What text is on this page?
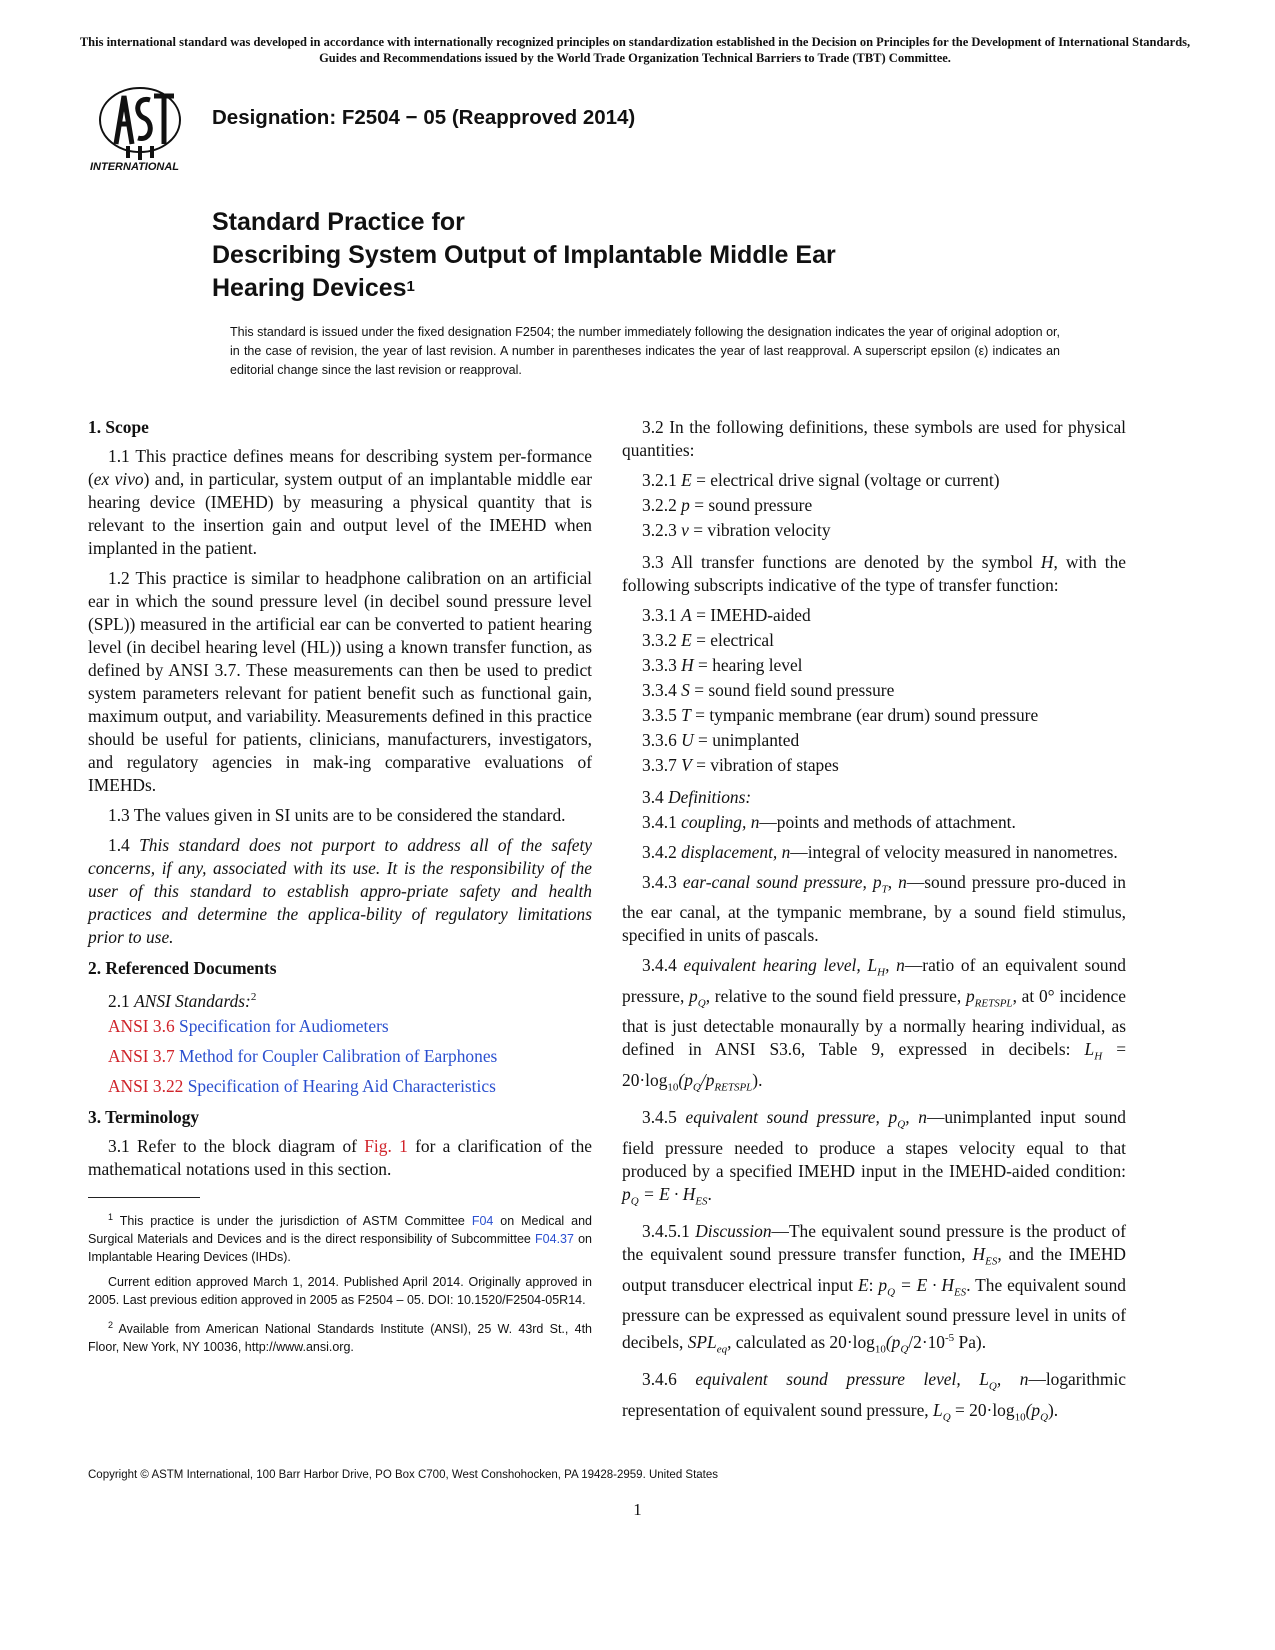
This international standard was developed in accordance with internationally recognized principles on standardization established in the Decision on Principles for the Development of International Standards, Guides and Recommendations issued by the World Trade Organization Technical Barriers to Trade (TBT) Committee.
INTERNATIONAL
Designation: F2504 − 05 (Reapproved 2014)
Standard Practice for
Describing System Output of Implantable Middle Ear
Hearing Devices$^1$
This standard is issued under the fixed designation F2504; the number immediately following the designation indicates the year of original adoption or, in the case of revision, the year of last revision. A number in parentheses indicates the year of last reapproval. A superscript epsilon (ε) indicates an editorial change since the last revision or reapproval.
1. Scope

1.1 This practice defines means for describing system per-formance (ex vivo) and, in particular, system output of an implantable middle ear hearing device (IMEHD) by measuring a physical quantity that is relevant to the insertion gain and output level of the IMEHD when implanted in the patient.

1.2 This practice is similar to headphone calibration on an artificial ear in which the sound pressure level (in decibel sound pressure level (SPL)) measured in the artificial ear can be converted to patient hearing level (in decibel hearing level (HL)) using a known transfer function, as defined by ANSI 3.7. These measurements can then be used to predict system parameters relevant for patient benefit such as functional gain, maximum output, and variability. Measurements defined in this practice should be useful for patients, clinicians, manufacturers, investigators, and regulatory agencies in mak-ing comparative evaluations of IMEHDs.

1.3 The values given in SI units are to be considered the standard.

1.4 This standard does not purport to address all of the safety concerns, if any, associated with its use. It is the responsibility of the user of this standard to establish appro-priate safety and health practices and determine the applica-bility of regulatory limitations prior to use.

2. Referenced Documents

2.1 ANSI Standards:$^2$

ANSI 3.6 Specification for Audiometers

ANSI 3.7 Method for Coupler Calibration of Earphones

ANSI 3.22 Specification of Hearing Aid Characteristics

3. Terminology

3.1 Refer to the block diagram of Fig. 1 for a clarification of the mathematical notations used in this section.

$^1$ This practice is under the jurisdiction of ASTM Committee F04 on Medical and Surgical Materials and Devices and is the direct responsibility of Subcommittee F04.37 on Implantable Hearing Devices (IHDs).

Current edition approved March 1, 2014. Published April 2014. Originally approved in 2005. Last previous edition approved in 2005 as F2504 – 05. DOI: 10.1520/F2504-05R14.

$^2$ Available from American National Standards Institute (ANSI), 25 W. 43rd St., 4th Floor, New York, NY 10036, http://www.ansi.org.

3.2 In the following definitions, these symbols are used for physical quantities:

3.2.1 E = electrical drive signal (voltage or current)

3.2.2 p = sound pressure

3.2.3 v = vibration velocity

3.3 All transfer functions are denoted by the symbol H, with the following subscripts indicative of the type of transfer function:

3.3.1 A = IMEHD-aided

3.3.2 E = electrical

3.3.3 H = hearing level

3.3.4 S = sound field sound pressure

3.3.5 T = tympanic membrane (ear drum) sound pressure

3.3.6 U = unimplanted

3.3.7 V = vibration of stapes

3.4 Definitions:

3.4.1 coupling, n—points and methods of attachment.

3.4.2 displacement, n—integral of velocity measured in nanometres.

3.4.3 ear-canal sound pressure, $p_T$, n—sound pressure pro-duced in the ear canal, at the tympanic membrane, by a sound field stimulus, specified in units of pascals.

3.4.4 equivalent hearing level, $L_H$, n—ratio of an equivalent sound pressure, $p_Q$, relative to the sound field pressure, $p_{RETSPL}$, at 0° incidence that is just detectable monaurally by a normally hearing individual, as defined in ANSI S3.6, Table 9, expressed in decibels: $L_H = 20\cdot\log_{10}(p_Q/p_{RETSPL})$.

3.4.5 equivalent sound pressure, $p_Q$, n—unimplanted input sound field pressure needed to produce a stapes velocity equal to that produced by a specified IMEHD input in the IMEHD-aided condition: $p_Q = E \cdot H_{ES}$.

3.4.5.1 Discussion—The equivalent sound pressure is the product of the equivalent sound pressure transfer function, $H_{ES}$, and the IMEHD output transducer electrical input E: $p_Q = E \cdot H_{ES}$. The equivalent sound pressure can be expressed as equivalent sound pressure level in units of decibels, $SPL_{eq}$, calculated as $20\cdot\log_{10}(p_Q/2\cdot 10^{-5}$ Pa).

3.4.6 equivalent sound pressure level, $L_Q$, n—logarithmic representation of equivalent sound pressure, $L_Q = 20\cdot\log_{10}(p_Q)$.

Copyright © ASTM International, 100 Barr Harbor Drive, PO Box C700, West Conshohocken, PA 19428-2959. United States
1
